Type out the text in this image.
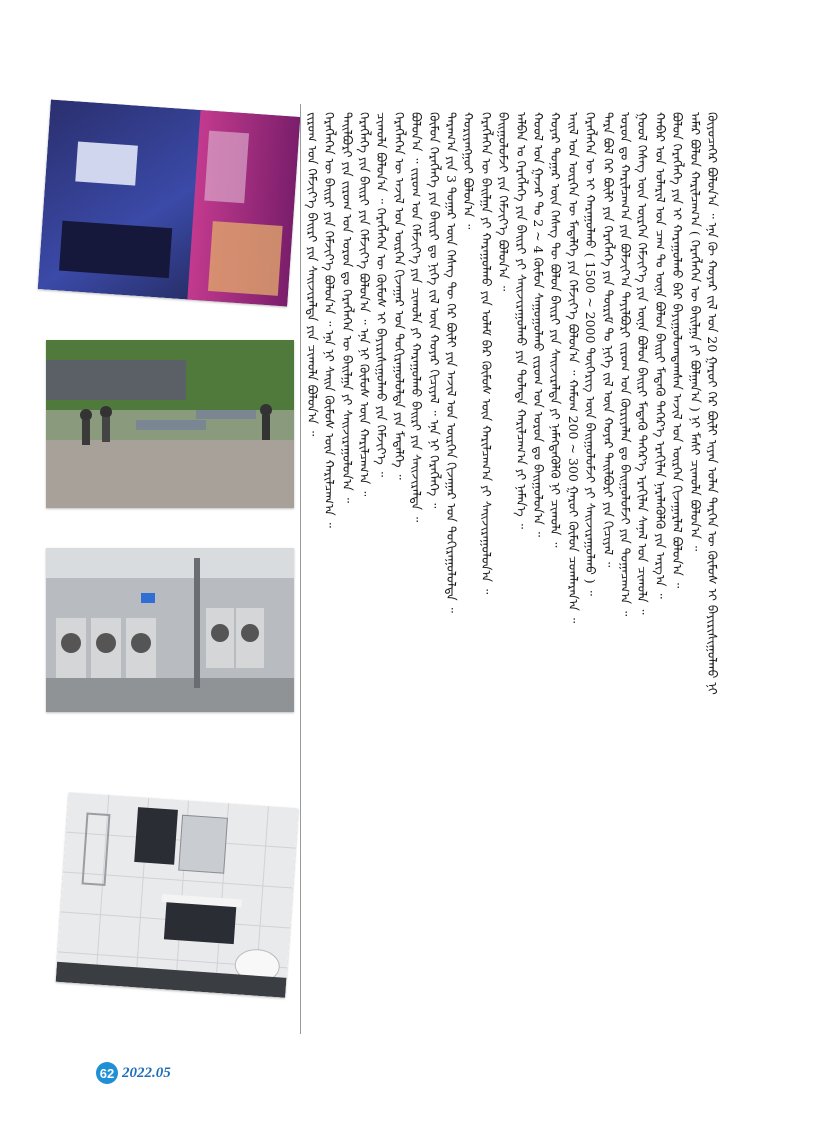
ᠭᠦᠶᠦᠴᠡᠭᠡᠷ ᠪᠣᠯᠤᠨ᠎ᠠ ᠃ ᠡᠨᠡ ᠬᠦ ᠬᠣᠶᠠᠷ ᠵᠢᠯ ᠤᠨ 20 ᠭᠠᠷᠤᠢ ᠭᠡᠷ ᠪᠦᠯᠢ ᠢᠶᠡᠨ ᠤᠯᠠᠨ ᠲᠡᠷᠭᠡᠨ ᠦ ᠬᠦᠮᠦᠰ ᠢ ᠪᠠᠶᠢᠷᠢᠰᠢᠭᠤᠯᠬᠤ ᠨᠢ
ᠠᠮᠠᠷ ᠪᠣᠯᠤᠨ ᠬᠠᠷᠢᠯᠴᠠᠭ᠎ᠠ ( ᠬᠡᠷᠡᠭᠯᠡᠭᠡᠨ ᠦ ᠪᠠᠢᠯᠭᠠ ᠶᠢ ᠪᠣᠯᠭᠠᠨ᠎ᠠ ) ᠨᠢ ᠮᠠᠰᠢ ᠴᠢᠬᠤᠯᠠ ᠪᠣᠯᠤᠨ᠎ᠠ ᠃
ᠪᠣᠯᠤᠨ ᠬᠡᠷᠡᠭᠯᠡᠭᠡ ᠶᠢᠨ ᠢ ᠬᠠᠷᠠᠭᠤᠯᠬᠤ ᠪᠡᠷ ᠪᠠᠶᠢᠭᠤᠯᠤᠭᠳᠠᠭᠰᠠᠨ ᠠᠵᠢᠯ ᠤᠨ ᠥᠷᠭᠡᠨ ᠬᠢᠵᠠᠭᠠᠷᠯᠠᠯ ᠪᠣᠯᠤᠨ᠎ᠠ ᠃
ᠬᠠᠪᠠᠷ ᠤᠨ ᠤᠯᠠᠷᠢᠯ ᠤᠨ ᠴᠠᠭ ᠲᠤ ᠦᠨᠡ ᠪᠣᠯᠤᠨ ᠪᠠᠢᠷᠢ ᠮᠡᠳᠡᠬᠦ ᠳᠡᠭᠡᠷ᠎ᠡ ᠡᠷᠡᠬᠢᠯᠡᠨ ᠨᠡᠷᠡᠯᠡᠭᠦᠯᠬᠦ ᠶᠢᠨ ᠠᠷᠭ᠎ᠠ ᠃
ᠭᠤᠤᠯ ᠬᠡᠰᠡᠭ ᠦᠨ ᠥᠷᠭᠡᠨ ᠬᠡᠮᠵᠢᠶ᠎ᠡ ᠶᠢᠨ ᠦᠨᠡ ᠪᠣᠯᠤᠨ ᠪᠠᠢᠷᠢ ᠮᠡᠳᠡᠬᠦ ᠳᠡᠭᠡᠷ᠎ᠡ ᠡᠷᠡᠬᠢᠯᠡᠨ ᠰᠠᠨᠠᠯ ᠤᠨ ᠴᠢᠬᠤᠯᠠ ᠃
ᠣᠷᠣᠨ ᠳᠤ ᠬᠠᠷᠢᠯᠴᠠᠭ᠎ᠠ ᠶᠢᠨ ᠪᠣᠯᠵᠢᠶ᠎ᠠ ᠲᠠᠶᠢᠯᠪᠤᠷᠢ ᠵᠢᠷᠤᠭ ᠤᠨ ᠬᠦᠷᠢᠶᠡᠯᠡᠨ ᠳᠤ ᠪᠠᠢᠭᠤᠯᠤᠮᠵᠢ ᠶᠢᠨ ᠲᠣᠭᠠᠴᠠᠭ᠎ᠠ ᠃
ᠲᠡᠷᠡ ᠪᠣᠯ ᠭᠡᠷ ᠪᠦᠯᠢ ᠶᠢᠨ ᠬᠡᠷᠡᠭᠯᠡᠭᠡ ᠶᠢᠨ ᠳᠦᠷᠢᠮ ᠲᠤ ᠨᠢᠭᠡ ᠵᠢᠯ ᠦᠨ ᠬᠣᠶᠠᠷ ᠲᠠᠢᠯᠪᠤᠷᠢ ᠶᠢᠨ ᠬᠢᠴᠢᠶᠡᠯ ᠃
ᠬᠡᠷᠡᠭᠯᠡᠭᠡᠨ ᠦ ᠢ ᠬᠠᠷᠠᠭᠤᠯᠬᠤ ( 1500 ~ 2000 ᠲᠦᠭᠡᠷᠢᠭ ᠦᠨ ᠪᠠᠢᠭᠤᠯᠤᠮᠵᠢ ᠶᠢ ᠰᠠᠢᠵᠢᠷᠠᠭᠤᠯᠬᠤ ) ᠃
ᠠᠢᠯ ᠤᠨ ᠥᠷᠭᠡᠨ ᠦ ᠮᠡᠳᠡᠯᠭᠡ ᠶᠢᠨ ᠬᠡᠮᠵᠢᠶ᠎ᠡ ᠪᠣᠯᠤᠨ᠎ᠠ ᠃ ᠬᠠᠮᠤᠭ 200 ~ 300 ᠭᠠᠷᠤᠢ ᠬᠦᠮᠦᠨ ᠴᠤᠭᠯᠠᠷᠠᠨ᠎ᠠ ᠃
ᠬᠣᠶᠠᠷ ᠳᠤᠭᠠᠷ ᠦᠨ ᠬᠡᠰᠡᠭ ᠲᠦ ᠪᠣᠯᠤᠨ ᠪᠠᠢᠷᠢ ᠶᠢᠨ ᠰᠠᠢᠵᠢᠷᠠᠯᠲᠠ ᠶᠢ ᠨᠡᠮᠡᠭᠳᠡᠭᠦᠯᠬᠦ ᠨᠢ ᠴᠢᠬᠤᠯᠠ ᠃
ᠬᠤᠤᠯ ᠤᠨ ᠭᠠᠵᠠᠷ ᠲᠤ 2 ~ 4 ᠬᠦᠮᠦᠨ ᠰᠠᠭᠤᠭᠤᠯᠬᠤ ᠵᠢᠷᠤᠭ ᠤᠨ ᠣᠷᠣᠨ ᠳᠤ ᠪᠠᠢᠭᠤᠯᠤᠨ᠎ᠠ ᠃
ᠠᠯᠪᠠᠨ ᠤ ᠬᠡᠷᠡᠭᠯᠡᠭᠡ ᠶᠢᠨ ᠪᠠᠢᠷᠢ ᠶᠢ ᠰᠠᠢᠵᠢᠷᠠᠭᠤᠯᠬᠤ ᠶᠢᠨ ᠲᠤᠯᠠᠳᠠ ᠬᠠᠷᠢᠯᠴᠠᠭ᠎ᠠ ᠶᠢ ᠨᠡᠮᠡᠨ᠎ᠡ ᠃
ᠪᠠᠢᠭᠤᠯᠤᠮᠵᠢ ᠶᠢᠨ ᠬᠡᠮᠵᠢᠶ᠎ᠡ ᠪᠣᠯᠤᠨ᠎ᠠ ᠃
ᠬᠡᠷᠡᠭᠯᠡᠭᠡᠨ ᠦ ᠪᠠᠢᠯᠭᠠ ᠶᠢ ᠬᠠᠷᠠᠭᠤᠯᠬᠤ ᠶᠢᠨ ᠤᠯᠠᠮ ᠪᠠᠷ ᠬᠦᠮᠦᠰ ᠦᠨ ᠬᠠᠷᠢᠯᠴᠠᠭ᠎ᠠ ᠶᠢ ᠰᠠᠢᠵᠢᠷᠠᠭᠤᠯᠤᠨ᠎ᠠ ᠃
ᠬᠤᠷᠢᠶᠠᠩᠭᠤᠢ ᠪᠣᠯᠤᠨ᠎ᠠ ᠃
ᠳᠠᠷᠠᠭ᠎ᠠ ᠶᠢᠨ 3 ᠳᠤᠭᠠᠷ ᠦᠨ ᠬᠡᠰᠡᠭ ᠲᠦ ᠭᠡᠷ ᠪᠦᠯᠢ ᠶᠢᠨ ᠠᠵᠢᠯ ᠤᠨ ᠥᠷᠭᠡᠨ ᠬᠢᠵᠠᠭᠠᠷ ᠤᠨ ᠲᠣᠬᠢᠷᠠᠭᠤᠯᠤᠯᠲᠠ ᠃
ᠬᠦᠮᠦᠨ ᠬᠡᠷᠡᠭᠯᠡᠭᠡ ᠶᠢᠨ ᠪᠠᠢᠷᠢ ᠳᠤ ᠨᠢᠭᠡ ᠵᠢᠯ ᠦᠨ ᠬᠣᠶᠠᠷ ᠬᠢᠴᠢᠶᠡᠯ ᠃ ᠡᠨᠡ ᠨᠢ ᠬᠡᠷᠡᠭᠯᠡᠭᠡ ᠃
ᠪᠣᠯᠤᠨ᠎ᠠ ᠃ ᠵᠢᠷᠤᠭ ᠤᠨ ᠬᠡᠮᠵᠢᠶ᠎ᠡ ᠶᠢᠨ ᠴᠢᠬᠤᠯᠠ ᠶᠢ ᠬᠠᠷᠠᠭᠤᠯᠬᠤ ᠪᠠᠢᠷᠢ ᠶᠢᠨ ᠰᠠᠢᠵᠢᠷᠠᠯᠲᠠ ᠃
ᠬᠡᠷᠡᠭᠯᠡᠭᠡᠨ ᠦ ᠠᠵᠢᠯ ᠤᠨ ᠥᠷᠭᠡᠨ ᠬᠢᠵᠠᠭᠠᠷ ᠤᠨ ᠲᠣᠬᠢᠷᠠᠭᠤᠯᠤᠯᠲᠠ ᠶᠢᠨ ᠮᠡᠳᠡᠯᠭᠡ ᠃
ᠴᠢᠬᠤᠯᠠ ᠪᠣᠯᠤᠨ᠎ᠠ ᠃ ᠬᠡᠷᠡᠭᠯᠡᠭᠡᠨ ᠦ ᠬᠦᠮᠦᠰ ᠢ ᠪᠠᠶᠢᠷᠢᠰᠢᠭᠤᠯᠬᠤ ᠶᠢᠨ ᠬᠡᠮᠵᠢᠶ᠎ᠡ ᠃
ᠬᠡᠷᠡᠭᠯᠡᠭᠡ ᠶᠢᠨ ᠪᠠᠢᠷᠢ ᠶᠢᠨ ᠬᠡᠮᠵᠢᠶ᠎ᠡ ᠪᠣᠯᠤᠨ᠎ᠠ ᠃ ᠡᠨᠡ ᠨᠢ ᠬᠦᠮᠦᠰ ᠦᠨ ᠬᠠᠷᠢᠯᠴᠠᠭ᠎ᠠ ᠃
ᠲᠠᠢᠯᠪᠤᠷᠢ ᠶᠢᠨ ᠵᠢᠷᠤᠭ ᠤᠨ ᠣᠷᠣᠨ ᠳᠤ ᠬᠡᠷᠡᠭᠯᠡᠭᠡᠨ ᠦ ᠪᠠᠢᠯᠭᠠ ᠶᠢ ᠰᠠᠢᠵᠢᠷᠠᠭᠤᠯᠤᠨ᠎ᠠ ᠃
ᠬᠡᠷᠡᠭᠯᠡᠭᠡᠨ ᠦ ᠪᠠᠢᠷᠢ ᠶᠢᠨ ᠬᠡᠮᠵᠢᠶ᠎ᠡ ᠪᠣᠯᠤᠨ᠎ᠠ ᠃ ᠡᠨᠡ ᠨᠢ ᠰᠠᠢᠨ ᠬᠦᠮᠦᠰ ᠦᠨ ᠬᠠᠷᠢᠯᠴᠠᠭ᠎ᠠ ᠃
ᠵᠢᠷᠤᠭ ᠤᠨ ᠬᠡᠮᠵᠢᠶ᠎ᠡ ᠪᠠᠢᠷᠢ ᠶᠢᠨ ᠰᠠᠢᠵᠢᠷᠠᠯᠲᠠ ᠶᠢᠨ ᠴᠢᠬᠤᠯᠠ ᠪᠣᠯᠤᠨ᠎ᠠ ᠃
62 2022.05
